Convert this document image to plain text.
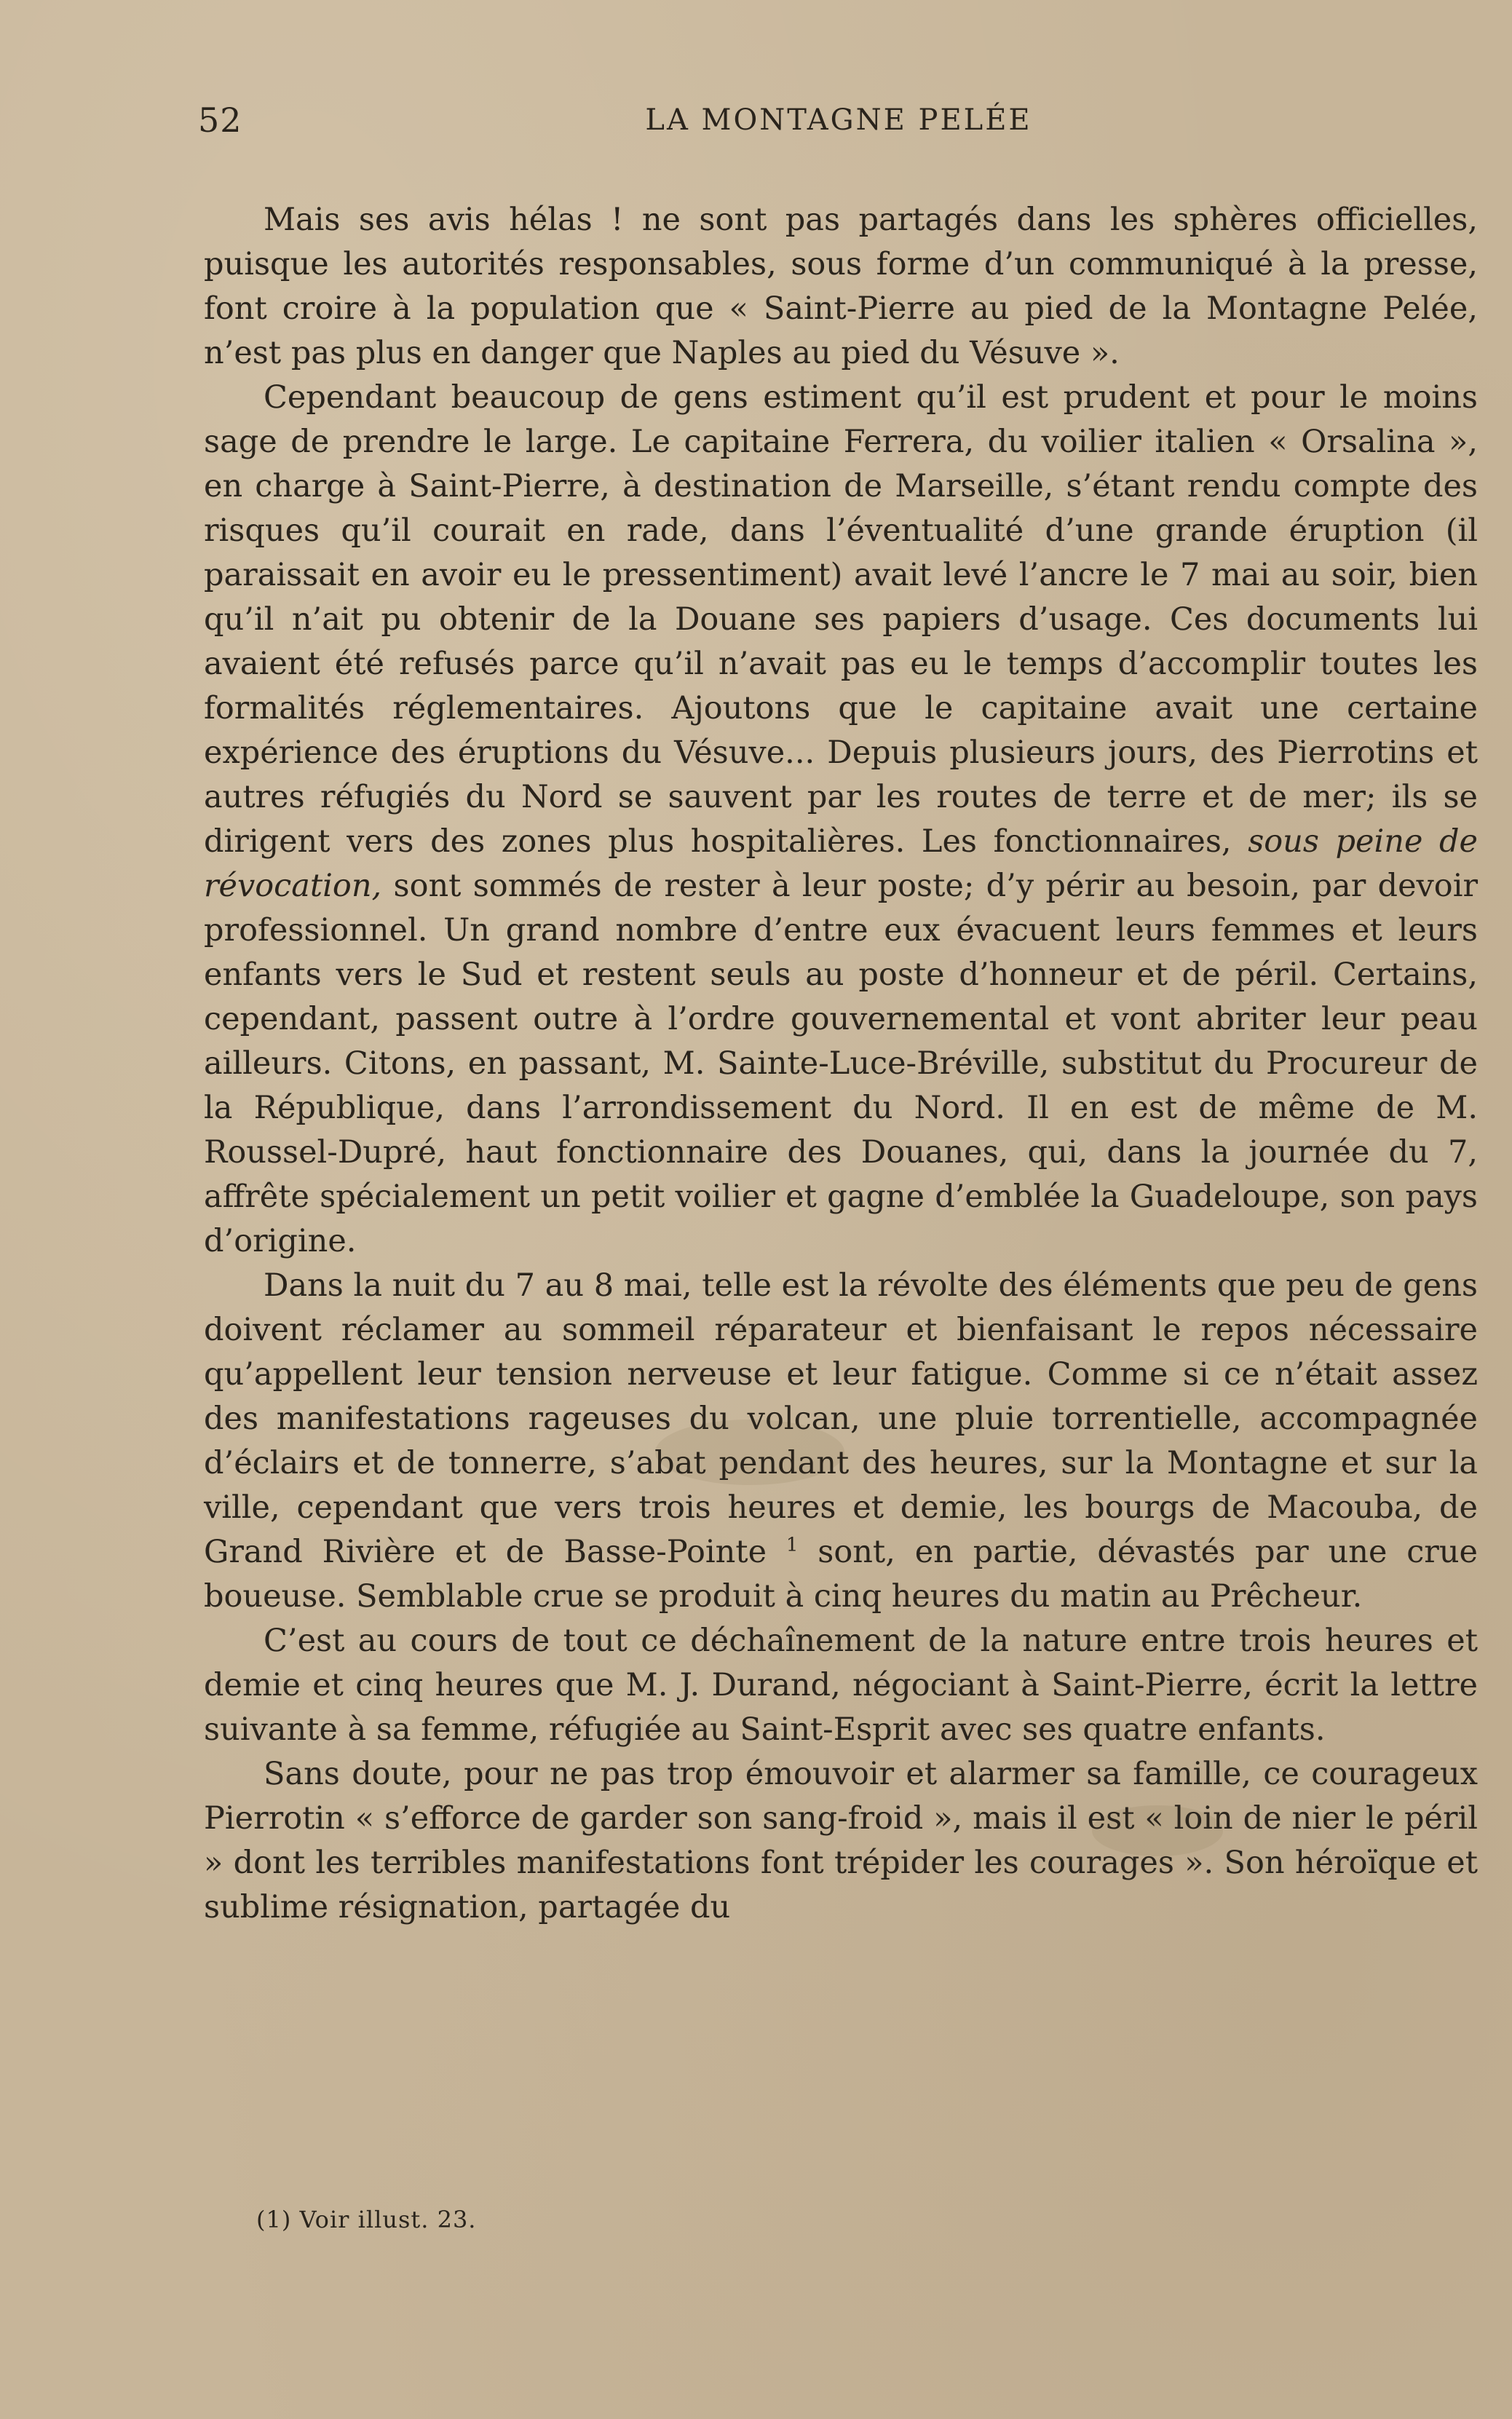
52	LA MONTAGNE PELÉE

Mais ses avis hélas ! ne sont pas partagés dans les sphères officielles, puisque les autorités responsables, sous forme d’un communiqué à la presse, font croire à la population que « Saint-Pierre au pied de la Montagne Pelée, n’est pas plus en danger que Naples au pied du Vésuve ».

Cependant beaucoup de gens estiment qu’il est prudent et pour le moins sage de prendre le large. Le capitaine Ferrera, du voilier italien « Orsalina », en charge à Saint-Pierre, à destination de Marseille, s’étant rendu compte des risques qu’il courait en rade, dans l’éventualité d’une grande éruption (il paraissait en avoir eu le pressentiment) avait levé l’ancre le 7 mai au soir, bien qu’il n’ait pu obtenir de la Douane ses papiers d’usage. Ces documents lui avaient été refusés parce qu’il n’avait pas eu le temps d’accomplir toutes les formalités réglementaires. Ajoutons que le capitaine avait une certaine expérience des éruptions du Vésuve... Depuis plusieurs jours, des Pierrotins et autres réfugiés du Nord se sauvent par les routes de terre et de mer; ils se dirigent vers des zones plus hospitalières. Les fonctionnaires, sous peine de révocation, sont sommés de rester à leur poste; d’y périr au besoin, par devoir professionnel. Un grand nombre d’entre eux évacuent leurs femmes et leurs enfants vers le Sud et restent seuls au poste d’honneur et de péril. Certains, cependant, passent outre à l’ordre gouvernemental et vont abriter leur peau ailleurs. Citons, en passant, M. Sainte-Luce-Bréville, substitut du Procureur de la République, dans l’arrondissement du Nord. Il en est de même de M. Roussel-Dupré, haut fonctionnaire des Douanes, qui, dans la journée du 7, affrête spécialement un petit voilier et gagne d’emblée la Guadeloupe, son pays d’origine.

Dans la nuit du 7 au 8 mai, telle est la révolte des éléments que peu de gens doivent réclamer au sommeil réparateur et bienfaisant le repos nécessaire qu’appellent leur tension nerveuse et leur fatigue. Comme si ce n’était assez des manifestations rageuses du volcan, une pluie torrentielle, accompagnée d’éclairs et de tonnerre, s’abat pendant des heures, sur la Montagne et sur la ville, cependant que vers trois heures et demie, les bourgs de Macouba, de Grand Rivière et de Basse-Pointe $^1$ sont, en partie, dévastés par une crue boueuse. Semblable crue se produit à cinq heures du matin au Prêcheur.

C’est au cours de tout ce déchaînement de la nature entre trois heures et demie et cinq heures que M. J. Durand, négociant à Saint-Pierre, écrit la lettre suivante à sa femme, réfugiée au Saint-Esprit avec ses quatre enfants.

Sans doute, pour ne pas trop émouvoir et alarmer sa famille, ce courageux Pierrotin « s’efforce de garder son sang-froid », mais il est « loin de nier le péril » dont les terribles manifestations font trépider les courages ». Son héroïque et sublime résignation, partagée du

(1) Voir illust. 23.
